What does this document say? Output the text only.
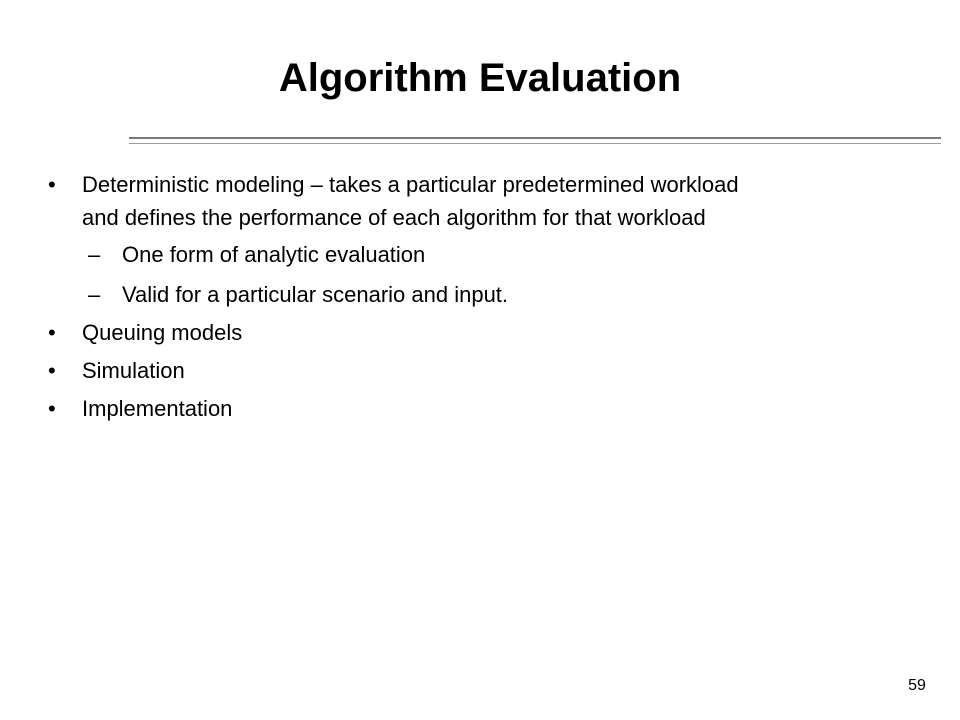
Algorithm Evaluation
• Deterministic modeling – takes a particular predetermined workload
and defines the performance of each algorithm for that workload
– One form of analytic evaluation
– Valid for a particular scenario and input.
• Queuing models
• Simulation
• Implementation
59
